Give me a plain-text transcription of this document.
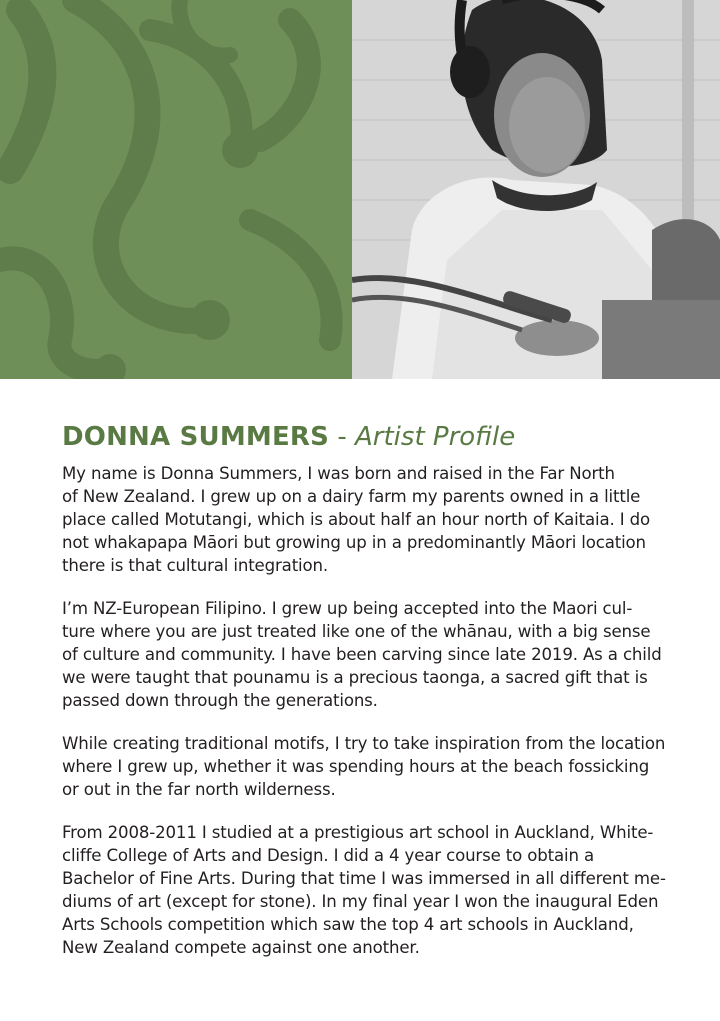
DONNA SUMMERS - Artist Profile

My name is Donna Summers, I was born and raised in the Far North
of New Zealand. I grew up on a dairy farm my parents owned in a little
place called Motutangi, which is about half an hour north of Kaitaia. I do
not whakapapa Māori but growing up in a predominantly Māori location
there is that cultural integration.

I’m NZ-European Filipino. I grew up being accepted into the Maori cul-
ture where you are just treated like one of the whānau, with a big sense
of culture and community. I have been carving since late 2019. As a child
we were taught that pounamu is a precious taonga, a sacred gift that is
passed down through the generations.

While creating traditional motifs, I try to take inspiration from the location
where I grew up, whether it was spending hours at the beach fossicking
or out in the far north wilderness.

From 2008-2011 I studied at a prestigious art school in Auckland, White-
cliffe College of Arts and Design. I did a 4 year course to obtain a
Bachelor of Fine Arts. During that time I was immersed in all different me-
diums of art (except for stone). In my final year I won the inaugural Eden
Arts Schools competition which saw the top 4 art schools in Auckland,
New Zealand compete against one another.
